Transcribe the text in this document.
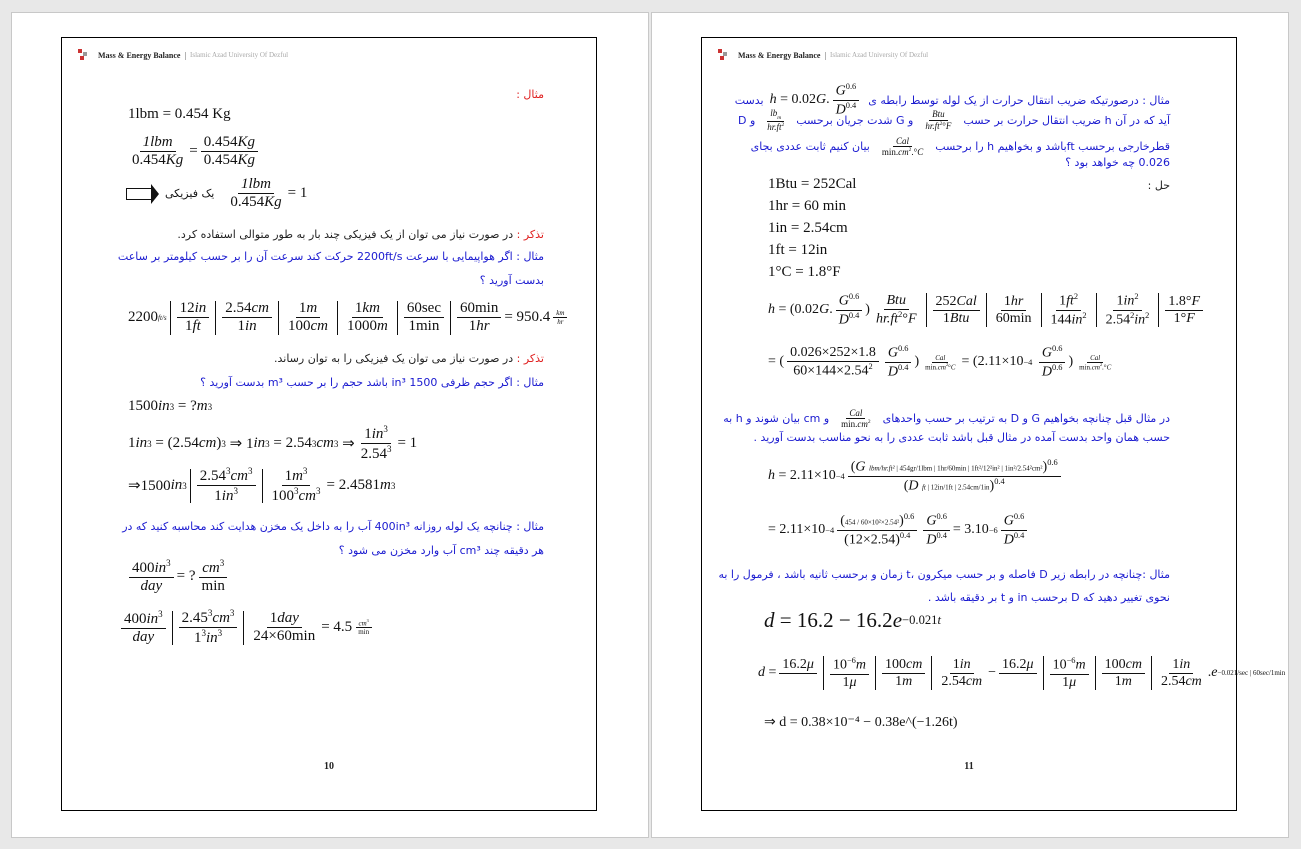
Mass & Energy Balance | Islamic Azad University Of Dezful
مثال :
1lbm = 0.454 Kg
$\frac{\text{1lbm}}{0.454Kg} = \frac{0.454Kg}{0.454Kg}$
یک فیزیکی $\frac{\text{1lbm}}{0.454Kg} = 1$
تذکر : در صورت نیاز می توان از یک فیزیکی چند بار به طور متوالی استفاده کرد.
مثال : اگر هواپیمایی با سرعت 2200ft/s حرکت کند سرعت آن را بر حسب کیلومتر بر ساعت
بدست آورید ؟
2200 $ft/s \frac{12in}{1ft} \frac{2.54cm}{1in} \frac{1m}{100cm} \frac{1km}{1000m} \frac{60\sec}{1\min} \frac{60\min}{1hr} = 950.4 \frac{km}{hr}$
تذکر : در صورت نیاز می توان یک فیزیکی را به توان رساند.
مثال : اگر حجم ظرفی 1500 in³ باشد حجم را بر حسب m³ بدست آورید ؟
1500 in 3 = ? m 3
1 in 3 = (2.54 cm ) 3 ⇒ 1 in 3 = 2.54 3 cm 3 ⇒ $\frac{1in^3}{2.54^3} = 1$
⇒1500 in $3 \frac{2.54^3cm^3}{1in^3} \frac{1m^3}{100^3cm^3} = 2.4581$ m 3
مثال : چنانچه یک لوله روزانه 400in³ آب را به داخل یک مخزن هدایت کند محاسبه کنید که در
هر دقیقه چند cm³ آب وارد مخزن می شود ؟
$\frac{400in^3}{\text{day}}$ = ? $\frac{cm^3}{\min}$
$\frac{400in^3}{\text{day}} \frac{2.45^3cm^3}{1^3in^3} \frac{\text{1day}}{24\times 60\min} = 4.5 \frac{cm^3}{\min}$
10
Mass & Energy Balance | Islamic Azad University Of Dezful
مثال : درصورتیکه ضریب انتقال حرارت از یک لوله توسط رابطه ی
h = 0.02 G . $\frac{G^{0.6}}{D^{0.4}}$
بدست
آید که در آن h ضریب انتقال حرارت بر حسب
$\frac{\text{Btu}}{hr.ft^2^\circ F}$
و G شدت جریان برحسب
$\frac{lb_m}{hr.ft^2}$
و D
قطرخارجی برحسب ftباشد و بخواهیم h را برحسب
$\frac{\text{Cal}}{\min.cm^2.^\circ C}$
بیان کنیم ثابت عددی بجای
0.026 چه خواهد بود ؟
حل :
1Btu = 252Cal
1hr = 60 min
1in = 2.54cm
1ft = 12in
1°C = 1.8°F
h = (0.02 G . $\frac{G^{0.6}}{D^{0.4}}$ ) $\frac{\text{Btu}}{hr.ft^2^\circ F} \frac{\text{252Cal}}{\text{1Btu}} \frac{1hr}{60\min} \frac{1ft^2}{144in^2} \frac{1in^2}{2.54^2in^2} \frac{1.8^\circ F}{1^\circ F}$
= ( $\frac{0.026\times 252\times 1.8}{60\times 144\times 2.54^2} \frac{G^{0.6}}{D^{0.4}}$ ) $\frac{\text{Cal}}{\min.cm^2^\circ C} = (2.11\times 10 -4$
$\frac{G^{0.6}}{D^{0.6}}$ ) $\frac{\text{Cal}}{\min.cm^2.^\circ C}$
در مثال قبل چنانچه بخواهیم G و D به ترتیب بر حسب واحدهای
$\frac{\text{Cal}}{\min.cm^2}$
و cm بیان شوند و h به
حسب همان واحد بدست آمده در مثال قبل باشد ثابت عددی را به نحو مناسب بدست آورید .
h = 2.11×10 −4
(G lbm/hr.ft² | 454gr/1lbm | 1hr/60min | 1ft²/12²in² | 1in²/2.54²cm²)$^{0.6}$
(D ft | 12in/1ft | 2.54cm/1in)$^{0.4}$
= $2.11\times 10 -4 \frac{(454 / 60\times 10^2\times 2.54^2)^{0.6}}{(12\times 2.54)^{0.4}} \frac{G^{0.6}}{D^{0.4}} = 3.10 -6 \frac{G^{0.6}}{D^{0.4}}$
مثال :چنانچه در رابطه زیر D فاصله و بر حسب میکرون ،t زمان و برحسب ثانیه باشد ، فرمول را به
نحوی تغییر دهید که D برحسب in و t بر دقیقه باشد .
d = 16.2 − 16.2 e −0.021t
d =
16.2μ
$\frac{10^{-6}m}{1\mu} \frac{100cm}{1m} \frac{1in}{2.54cm}$ −
16.2μ
$\frac{10^{-6}m}{1\mu} \frac{100cm}{1m} \frac{1in}{2.54cm}$ . e −0.021/sec | 60sec/1min
⇒ d = 0.38×10⁻⁴ − 0.38e^(−1.26t)
11
